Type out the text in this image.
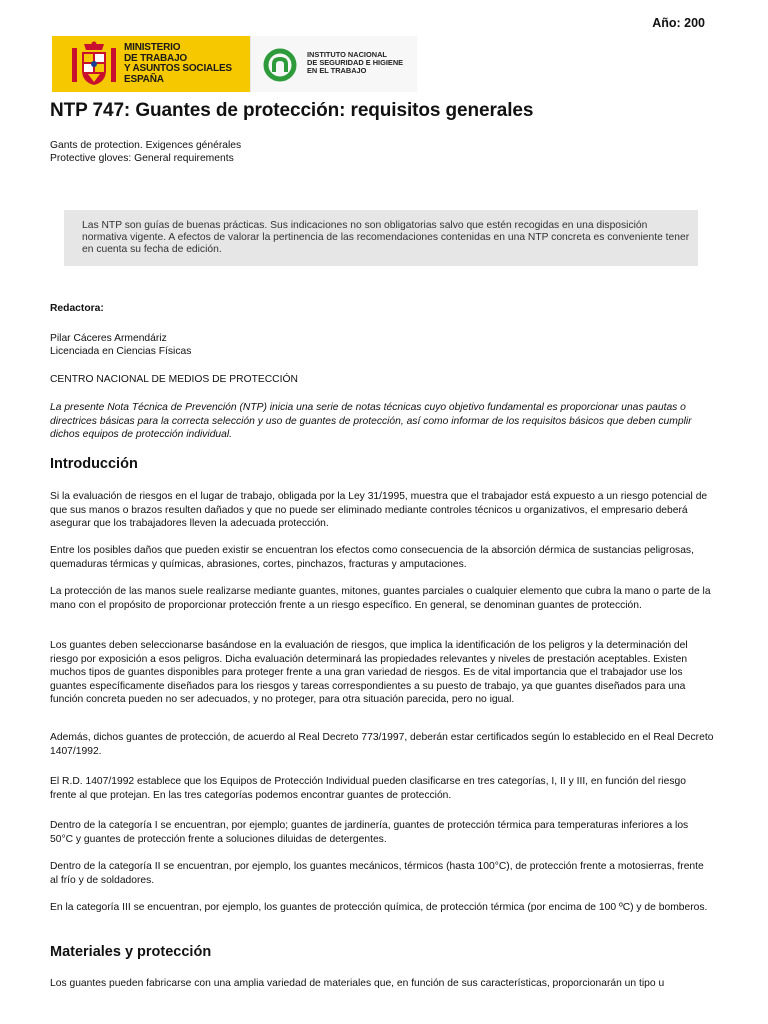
Año: 200
MINISTERIO
DE TRABAJO
Y ASUNTOS SOCIALES
ESPAÑA
INSTITUTO NACIONAL
DE SEGURIDAD E HIGIENE
EN EL TRABAJO
NTP 747: Guantes de protección: requisitos generales

Gants de protection. Exigences générales

Protective gloves: General requirements

Las NTP son guías de buenas prácticas. Sus indicaciones no son obligatorias salvo que estén recogidas en una disposición normativa vigente. A efectos de valorar la pertinencia de las recomendaciones contenidas en una NTP concreta es conveniente tener en cuenta su fecha de edición.

Redactora:

Pilar Cáceres Armendáriz

Licenciada en Ciencias Físicas

CENTRO NACIONAL DE MEDIOS DE PROTECCIÓN

La presente Nota Técnica de Prevención (NTP) inicia una serie de notas técnicas cuyo objetivo fundamental es proporcionar unas pautas o directrices básicas para la correcta selección y uso de guantes de protección, así como informar de los requisitos básicos que deben cumplir dichos equipos de protección individual.

Introducción

Si la evaluación de riesgos en el lugar de trabajo, obligada por la Ley 31/1995, muestra que el trabajador está expuesto a un riesgo potencial de que sus manos o brazos resulten dañados y que no puede ser eliminado mediante controles técnicos u organizativos, el empresario deberá asegurar que los trabajadores lleven la adecuada protección.

Entre los posibles daños que pueden existir se encuentran los efectos como consecuencia de la absorción dérmica de sustancias peligrosas, quemaduras térmicas y químicas, abrasiones, cortes, pinchazos, fracturas y amputaciones.

La protección de las manos suele realizarse mediante guantes, mitones, guantes parciales o cualquier elemento que cubra la mano o parte de la mano con el propósito de proporcionar protección frente a un riesgo específico. En general, se denominan guantes de protección.

Los guantes deben seleccionarse basándose en la evaluación de riesgos, que implica la identificación de los peligros y la determinación del riesgo por exposición a esos peligros. Dicha evaluación determinará las propiedades relevantes y niveles de prestación aceptables. Existen muchos tipos de guantes disponibles para proteger frente a una gran variedad de riesgos. Es de vital importancia que el trabajador use los guantes específicamente diseñados para los riesgos y tareas correspondientes a su puesto de trabajo, ya que guantes diseñados para una función concreta pueden no ser adecuados, y no proteger, para otra situación parecida, pero no igual.

Además, dichos guantes de protección, de acuerdo al Real Decreto 773/1997, deberán estar certificados según lo establecido en el Real Decreto 1407/1992.

El R.D. 1407/1992 establece que los Equipos de Protección Individual pueden clasificarse en tres categorías, I, II y III, en función del riesgo frente al que protejan. En las tres categorías podemos encontrar guantes de protección.

Dentro de la categoría I se encuentran, por ejemplo; guantes de jardinería, guantes de protección térmica para temperaturas inferiores a los 50°C y guantes de protección frente a soluciones diluidas de detergentes.

Dentro de la categoría II se encuentran, por ejemplo, los guantes mecánicos, térmicos (hasta 100°C), de protección frente a motosierras, frente al frío y de soldadores.

En la categoría III se encuentran, por ejemplo, los guantes de protección química, de protección térmica (por encima de 100 ºC) y de bomberos.

Materiales y protección

Los guantes pueden fabricarse con una amplia variedad de materiales que, en función de sus características, proporcionarán un tipo u
